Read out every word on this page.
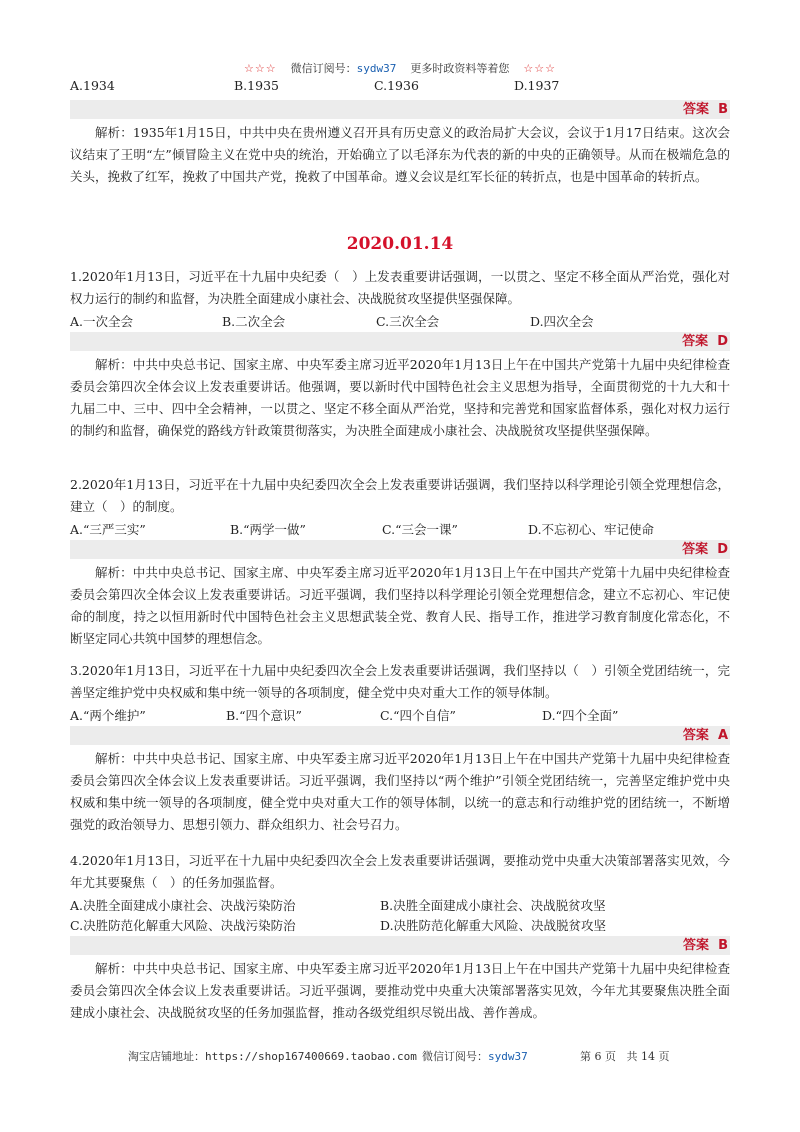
☆☆☆ 微信订阅号：sydw37 更多时政资料等着您 ☆☆☆
A.1934	B.1935	C.1936	D.1937
答案 B
解析：1935年1月15日，中共中央在贵州遵义召开具有历史意义的政治局扩大会议，会议于1月17日结束。这次会议结束了王明“左”倾冒险主义在党中央的统治，开始确立了以毛泽东为代表的新的中央的正确领导。从而在极端危急的关头，挽救了红军，挽救了中国共产党，挽救了中国革命。遵义会议是红军长征的转折点，也是中国革命的转折点。
2020.01.14
1.2020年1月13日，习近平在十九届中央纪委（　）上发表重要讲话强调，一以贯之、坚定不移全面从严治党，强化对权力运行的制约和监督，为决胜全面建成小康社会、决战脱贫攻坚提供坚强保障。
A.一次全会	B.二次全会	C.三次全会	D.四次全会
答案 D
解析：中共中央总书记、国家主席、中央军委主席习近平2020年1月13日上午在中国共产党第十九届中央纪律检查委员会第四次全体会议上发表重要讲话。他强调，要以新时代中国特色社会主义思想为指导，全面贯彻党的十九大和十九届二中、三中、四中全会精神，一以贯之、坚定不移全面从严治党，坚持和完善党和国家监督体系，强化对权力运行的制约和监督，确保党的路线方针政策贯彻落实，为决胜全面建成小康社会、决战脱贫攻坚提供坚强保障。
2.2020年1月13日，习近平在十九届中央纪委四次全会上发表重要讲话强调，我们坚持以科学理论引领全党理想信念，建立（　）的制度。
A.“三严三实”	B.“两学一做”	C.“三会一课”	D.不忘初心、牢记使命
答案 D
解析：中共中央总书记、国家主席、中央军委主席习近平2020年1月13日上午在中国共产党第十九届中央纪律检查委员会第四次全体会议上发表重要讲话。习近平强调，我们坚持以科学理论引领全党理想信念，建立不忘初心、牢记使命的制度，持之以恒用新时代中国特色社会主义思想武装全党、教育人民、指导工作，推进学习教育制度化常态化，不断坚定同心共筑中国梦的理想信念。
3.2020年1月13日，习近平在十九届中央纪委四次全会上发表重要讲话强调，我们坚持以（　）引领全党团结统一，完善坚定维护党中央权威和集中统一领导的各项制度，健全党中央对重大工作的领导体制。
A.“两个维护”	B.“四个意识”	C.“四个自信”	D.“四个全面”
答案 A
解析：中共中央总书记、国家主席、中央军委主席习近平2020年1月13日上午在中国共产党第十九届中央纪律检查委员会第四次全体会议上发表重要讲话。习近平强调，我们坚持以“两个维护”引领全党团结统一，完善坚定维护党中央权威和集中统一领导的各项制度，健全党中央对重大工作的领导体制，以统一的意志和行动维护党的团结统一，不断增强党的政治领导力、思想引领力、群众组织力、社会号召力。
4.2020年1月13日，习近平在十九届中央纪委四次全会上发表重要讲话强调，要推动党中央重大决策部署落实见效，今年尤其要聚焦（　）的任务加强监督。
A.决胜全面建成小康社会、决战污染防治	B.决胜全面建成小康社会、决战脱贫攻坚
C.决胜防范化解重大风险、决战污染防治	D.决胜防范化解重大风险、决战脱贫攻坚
答案 B
解析：中共中央总书记、国家主席、中央军委主席习近平2020年1月13日上午在中国共产党第十九届中央纪律检查委员会第四次全体会议上发表重要讲话。习近平强调，要推动党中央重大决策部署落实见效，今年尤其要聚焦决胜全面建成小康社会、决战脱贫攻坚的任务加强监督，推动各级党组织尽锐出战、善作善成。
淘宝店铺地址：https://shop167400669.taobao.com 微信订阅号：sydw37	第 6 页 共 14 页
